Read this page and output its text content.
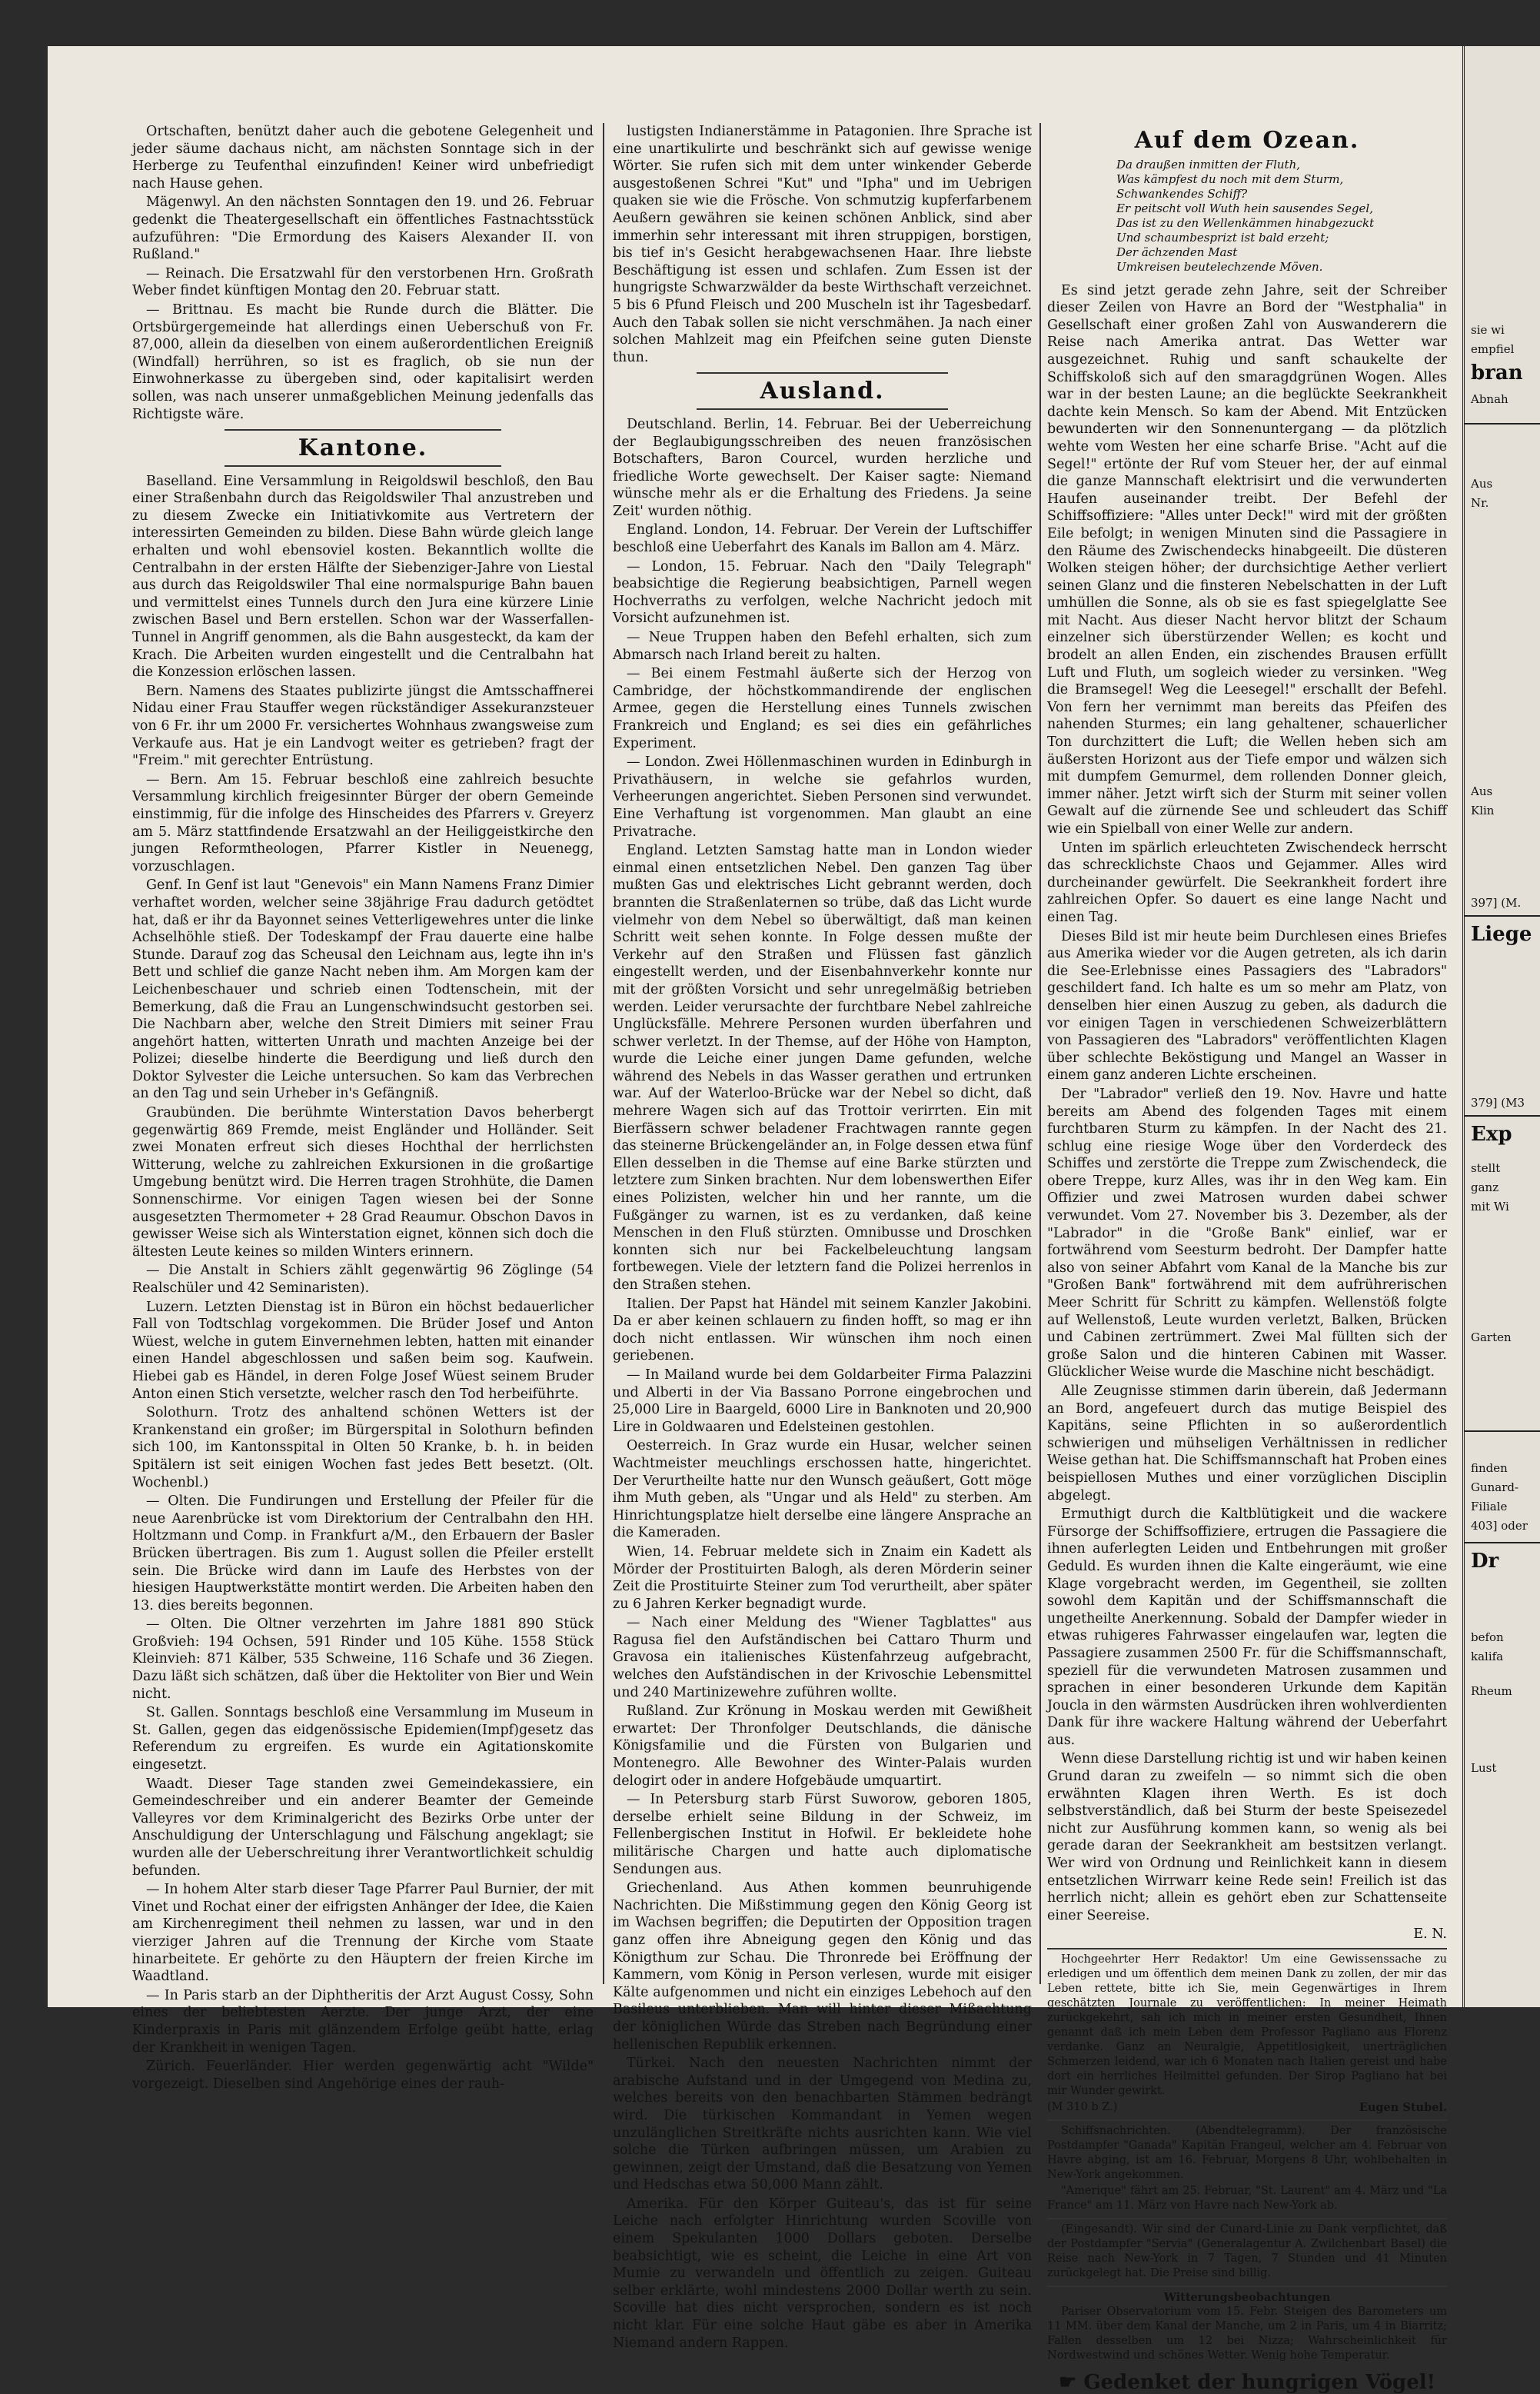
Ortschaften, benützt daher auch die gebotene Gelegenheit und jeder säume dachaus nicht, am nächsten Sonntage sich in der Herberge zu Teufenthal einzufinden! Keiner wird unbefriedigt nach Hause gehen.

Mägenwyl. An den nächsten Sonntagen den 19. und 26. Februar gedenkt die Theatergesellschaft ein öffentliches Fastnachtsstück aufzuführen: "Die Ermordung des Kaisers Alexander II. von Rußland."

— Reinach. Die Ersatzwahl für den verstorbenen Hrn. Großrath Weber findet künftigen Montag den 20. Februar statt.

— Brittnau. Es macht bie Runde durch die Blätter. Die Ortsbürgergemeinde hat allerdings einen Ueberschuß von Fr. 87,000, allein da dieselben von einem außerordentlichen Ereigniß (Windfall) herrühren, so ist es fraglich, ob sie nun der Einwohnerkasse zu übergeben sind, oder kapitalisirt werden sollen, was nach unserer unmaßgeblichen Meinung jedenfalls das Richtigste wäre.

Kantone.

Baselland. Eine Versammlung in Reigoldswil beschloß, den Bau einer Straßenbahn durch das Reigoldswiler Thal anzustreben und zu diesem Zwecke ein Initiativkomite aus Vertretern der interessirten Gemeinden zu bilden. Diese Bahn würde gleich lange erhalten und wohl ebensoviel kosten. Bekanntlich wollte die Centralbahn in der ersten Hälfte der Siebenziger-Jahre von Liestal aus durch das Reigoldswiler Thal eine normalspurige Bahn bauen und vermittelst eines Tunnels durch den Jura eine kürzere Linie zwischen Basel und Bern erstellen. Schon war der Wasserfallen-Tunnel in Angriff genommen, als die Bahn ausgesteckt, da kam der Krach. Die Arbeiten wurden eingestellt und die Centralbahn hat die Konzession erlöschen lassen.

Bern. Namens des Staates publizirte jüngst die Amtsschaffnerei Nidau einer Frau Stauffer wegen rückständiger Assekuranzsteuer von 6 Fr. ihr um 2000 Fr. versichertes Wohnhaus zwangsweise zum Verkaufe aus. Hat je ein Landvogt weiter es getrieben? fragt der "Freim." mit gerechter Entrüstung.

— Bern. Am 15. Februar beschloß eine zahlreich besuchte Versammlung kirchlich freigesinnter Bürger der obern Gemeinde einstimmig, für die infolge des Hinscheides des Pfarrers v. Greyerz am 5. März stattfindende Ersatzwahl an der Heiliggeistkirche den jungen Reformtheologen, Pfarrer Kistler in Neuenegg, vorzuschlagen.

Genf. In Genf ist laut "Genevois" ein Mann Namens Franz Dimier verhaftet worden, welcher seine 38jährige Frau dadurch getödtet hat, daß er ihr da Bayonnet seines Vetterligewehres unter die linke Achselhöhle stieß. Der Todeskampf der Frau dauerte eine halbe Stunde. Darauf zog das Scheusal den Leichnam aus, legte ihn in's Bett und schlief die ganze Nacht neben ihm. Am Morgen kam der Leichenbeschauer und schrieb einen Todtenschein, mit der Bemerkung, daß die Frau an Lungenschwindsucht gestorben sei. Die Nachbarn aber, welche den Streit Dimiers mit seiner Frau angehört hatten, witterten Unrath und machten Anzeige bei der Polizei; dieselbe hinderte die Beerdigung und ließ durch den Doktor Sylvester die Leiche untersuchen. So kam das Verbrechen an den Tag und sein Urheber in's Gefängniß.

Graubünden. Die berühmte Winterstation Davos beherbergt gegenwärtig 869 Fremde, meist Engländer und Holländer. Seit zwei Monaten erfreut sich dieses Hochthal der herrlichsten Witterung, welche zu zahlreichen Exkursionen in die großartige Umgebung benützt wird. Die Herren tragen Strohhüte, die Damen Sonnenschirme. Vor einigen Tagen wiesen bei der Sonne ausgesetzten Thermometer + 28 Grad Reaumur. Obschon Davos in gewisser Weise sich als Winterstation eignet, können sich doch die ältesten Leute keines so milden Winters erinnern.

— Die Anstalt in Schiers zählt gegenwärtig 96 Zöglinge (54 Realschüler und 42 Seminaristen).

Luzern. Letzten Dienstag ist in Büron ein höchst bedauerlicher Fall von Todtschlag vorgekommen. Die Brüder Josef und Anton Wüest, welche in gutem Einvernehmen lebten, hatten mit einander einen Handel abgeschlossen und saßen beim sog. Kaufwein. Hiebei gab es Händel, in deren Folge Josef Wüest seinem Bruder Anton einen Stich versetzte, welcher rasch den Tod herbeiführte.

Solothurn. Trotz des anhaltend schönen Wetters ist der Krankenstand ein großer; im Bürgerspital in Solothurn befinden sich 100, im Kantonsspital in Olten 50 Kranke, b. h. in beiden Spitälern ist seit einigen Wochen fast jedes Bett besetzt. (Olt. Wochenbl.)

— Olten. Die Fundirungen und Erstellung der Pfeiler für die neue Aarenbrücke ist vom Direktorium der Centralbahn den HH. Holtzmann und Comp. in Frankfurt a/M., den Erbauern der Basler Brücken übertragen. Bis zum 1. August sollen die Pfeiler erstellt sein. Die Brücke wird dann im Laufe des Herbstes von der hiesigen Hauptwerkstätte montirt werden. Die Arbeiten haben den 13. dies bereits begonnen.

— Olten. Die Oltner verzehrten im Jahre 1881 890 Stück Großvieh: 194 Ochsen, 591 Rinder und 105 Kühe. 1558 Stück Kleinvieh: 871 Kälber, 535 Schweine, 116 Schafe und 36 Ziegen. Dazu läßt sich schätzen, daß über die Hektoliter von Bier und Wein nicht.

St. Gallen. Sonntags beschloß eine Versammlung im Museum in St. Gallen, gegen das eidgenössische Epidemien(Impf)gesetz das Referendum zu ergreifen. Es wurde ein Agitationskomite eingesetzt.

Waadt. Dieser Tage standen zwei Gemeindekassiere, ein Gemeindeschreiber und ein anderer Beamter der Gemeinde Valleyres vor dem Kriminalgericht des Bezirks Orbe unter der Anschuldigung der Unterschlagung und Fälschung angeklagt; sie wurden alle der Ueberschreitung ihrer Verantwortlichkeit schuldig befunden.

— In hohem Alter starb dieser Tage Pfarrer Paul Burnier, der mit Vinet und Rochat einer der eifrigsten Anhänger der Idee, die Kaien am Kirchenregiment theil nehmen zu lassen, war und in den vierziger Jahren auf die Trennung der Kirche vom Staate hinarbeitete. Er gehörte zu den Häuptern der freien Kirche im Waadtland.

— In Paris starb an der Diphtheritis der Arzt August Cossy, Sohn eines der beliebtesten Aerzte. Der junge Arzt, der eine Kinderpraxis in Paris mit glänzendem Erfolge geübt hatte, erlag der Krankheit in wenigen Tagen.

Zürich. Feuerländer. Hier werden gegenwärtig acht "Wilde" vorgezeigt. Dieselben sind Angehörige eines der rauh-

lustigsten Indianerstämme in Patagonien. Ihre Sprache ist eine unartikulirte und beschränkt sich auf gewisse wenige Wörter. Sie rufen sich mit dem unter winkender Geberde ausgestoßenen Schrei "Kut" und "Ipha" und im Uebrigen quaken sie wie die Frösche. Von schmutzig kupferfarbenem Aeußern gewähren sie keinen schönen Anblick, sind aber immerhin sehr interessant mit ihren struppigen, borstigen, bis tief in's Gesicht herabgewachsenen Haar. Ihre liebste Beschäftigung ist essen und schlafen. Zum Essen ist der hungrigste Schwarzwälder da beste Wirthschaft verzeichnet. 5 bis 6 Pfund Fleisch und 200 Muscheln ist ihr Tagesbedarf. Auch den Tabak sollen sie nicht verschmähen. Ja nach einer solchen Mahlzeit mag ein Pfeifchen seine guten Dienste thun.

Ausland.

Deutschland. Berlin, 14. Februar. Bei der Ueberreichung der Beglaubigungsschreiben des neuen französischen Botschafters, Baron Courcel, wurden herzliche und friedliche Worte gewechselt. Der Kaiser sagte: Niemand wünsche mehr als er die Erhaltung des Friedens. Ja seine Zeit' wurden nöthig.

England. London, 14. Februar. Der Verein der Luftschiffer beschloß eine Ueberfahrt des Kanals im Ballon am 4. März.

— London, 15. Februar. Nach den "Daily Telegraph" beabsichtige die Regierung beabsichtigen, Parnell wegen Hochverraths zu verfolgen, welche Nachricht jedoch mit Vorsicht aufzunehmen ist.

— Neue Truppen haben den Befehl erhalten, sich zum Abmarsch nach Irland bereit zu halten.

— Bei einem Festmahl äußerte sich der Herzog von Cambridge, der höchstkommandirende der englischen Armee, gegen die Herstellung eines Tunnels zwischen Frankreich und England; es sei dies ein gefährliches Experiment.

— London. Zwei Höllenmaschinen wurden in Edinburgh in Privathäusern, in welche sie gefahrlos wurden, Verheerungen angerichtet. Sieben Personen sind verwundet. Eine Verhaftung ist vorgenommen. Man glaubt an eine Privatrache.

England. Letzten Samstag hatte man in London wieder einmal einen entsetzlichen Nebel. Den ganzen Tag über mußten Gas und elektrisches Licht gebrannt werden, doch brannten die Straßenlaternen so trübe, daß das Licht wurde vielmehr von dem Nebel so überwältigt, daß man keinen Schritt weit sehen konnte. In Folge dessen mußte der Verkehr auf den Straßen und Flüssen fast gänzlich eingestellt werden, und der Eisenbahnverkehr konnte nur mit der größten Vorsicht und sehr unregelmäßig betrieben werden. Leider verursachte der furchtbare Nebel zahlreiche Unglücksfälle. Mehrere Personen wurden überfahren und schwer verletzt. In der Themse, auf der Höhe von Hampton, wurde die Leiche einer jungen Dame gefunden, welche während des Nebels in das Wasser gerathen und ertrunken war. Auf der Waterloo-Brücke war der Nebel so dicht, daß mehrere Wagen sich auf das Trottoir verirrten. Ein mit Bierfässern schwer beladener Frachtwagen rannte gegen das steinerne Brückengeländer an, in Folge dessen etwa fünf Ellen desselben in die Themse auf eine Barke stürzten und letztere zum Sinken brachten. Nur dem lobenswerthen Eifer eines Polizisten, welcher hin und her rannte, um die Fußgänger zu warnen, ist es zu verdanken, daß keine Menschen in den Fluß stürzten. Omnibusse und Droschken konnten sich nur bei Fackelbeleuchtung langsam fortbewegen. Viele der letztern fand die Polizei herrenlos in den Straßen stehen.

Italien. Der Papst hat Händel mit seinem Kanzler Jakobini. Da er aber keinen schlauern zu finden hofft, so mag er ihn doch nicht entlassen. Wir wünschen ihm noch einen geriebenen.

— In Mailand wurde bei dem Goldarbeiter Firma Palazzini und Alberti in der Via Bassano Porrone eingebrochen und 25,000 Lire in Baargeld, 6000 Lire in Banknoten und 20,900 Lire in Goldwaaren und Edelsteinen gestohlen.

Oesterreich. In Graz wurde ein Husar, welcher seinen Wachtmeister meuchlings erschossen hatte, hingerichtet. Der Verurtheilte hatte nur den Wunsch geäußert, Gott möge ihm Muth geben, als "Ungar und als Held" zu sterben. Am Hinrichtungsplatze hielt derselbe eine längere Ansprache an die Kameraden.

Wien, 14. Februar meldete sich in Znaim ein Kadett als Mörder der Prostituirten Balogh, als deren Mörderin seiner Zeit die Prostituirte Steiner zum Tod verurtheilt, aber später zu 6 Jahren Kerker begnadigt wurde.

— Nach einer Meldung des "Wiener Tagblattes" aus Ragusa fiel den Aufständischen bei Cattaro Thurm und Gravosa ein italienisches Küstenfahrzeug aufgebracht, welches den Aufständischen in der Krivoschie Lebensmittel und 240 Martinizewehre zuführen wollte.

Rußland. Zur Krönung in Moskau werden mit Gewißheit erwartet: Der Thronfolger Deutschlands, die dänische Königsfamilie und die Fürsten von Bulgarien und Montenegro. Alle Bewohner des Winter-Palais wurden delogirt oder in andere Hofgebäude umquartirt.

— In Petersburg starb Fürst Suworow, geboren 1805, derselbe erhielt seine Bildung in der Schweiz, im Fellenbergischen Institut in Hofwil. Er bekleidete hohe militärische Chargen und hatte auch diplomatische Sendungen aus.

Griechenland. Aus Athen kommen beunruhigende Nachrichten. Die Mißstimmung gegen den König Georg ist im Wachsen begriffen; die Deputirten der Opposition tragen ganz offen ihre Abneigung gegen den König und das Königthum zur Schau. Die Thronrede bei Eröffnung der Kammern, vom König in Person verlesen, wurde mit eisiger Kälte aufgenommen und nicht ein einziges Lebehoch auf den Basileus unterblieben. Man will hinter dieser Mißachtung der königlichen Würde das Streben nach Begründung einer hellenischen Republik erkennen.

Türkei. Nach den neuesten Nachrichten nimmt der arabische Aufstand und in der Umgegend von Medina zu, welches bereits von den benachbarten Stämmen bedrängt wird. Die türkischen Kommandant in Yemen wegen unzulänglichen Streitkräfte nichts ausrichten kann. Wie viel solche die Türken aufbringen müssen, um Arabien zu gewinnen, zeigt der Umstand, daß die Besatzung von Yemen und Hedschas etwa 50,000 Mann zählt.

Amerika. Für den Körper Guiteau's, das ist für seine Leiche nach erfolgter Hinrichtung wurden Scoville von einem Spekulanten 1000 Dollars geboten. Derselbe beabsichtigt, wie es scheint, die Leiche in eine Art von Mumie zu verwandeln und öffentlich zu zeigen. Guiteau selber erklärte, wohl mindestens 2000 Dollar werth zu sein. Scoville hat dies nicht versprochen, sondern es ist noch nicht klar. Für eine solche Haut gäbe es aber in Amerika Niemand andern Rappen.

Auf dem Ozean.
Da draußen inmitten der Fluth,
Was kämpfest du noch mit dem Sturm,
Schwankendes Schiff?
Er peitscht voll Wuth hein sausendes Segel,
Das ist zu den Wellenkämmen hinabgezuckt
Und schaumbesprizt ist bald erzeht;
Der ächzenden Mast
Umkreisen beutelechzende Möven.

Es sind jetzt gerade zehn Jahre, seit der Schreiber dieser Zeilen von Havre an Bord der "Westphalia" in Gesellschaft einer großen Zahl von Auswanderern die Reise nach Amerika antrat. Das Wetter war ausgezeichnet. Ruhig und sanft schaukelte der Schiffskoloß sich auf den smaragdgrünen Wogen. Alles war in der besten Laune; an die beglückte Seekrankheit dachte kein Mensch. So kam der Abend. Mit Entzücken bewunderten wir den Sonnenuntergang — da plötzlich wehte vom Westen her eine scharfe Brise. "Acht auf die Segel!" ertönte der Ruf vom Steuer her, der auf einmal die ganze Mannschaft elektrisirt und die verwunderten Haufen auseinander treibt. Der Befehl der Schiffsoffiziere: "Alles unter Deck!" wird mit der größten Eile befolgt; in wenigen Minuten sind die Passagiere in den Räume des Zwischendecks hinabgeeilt. Die düsteren Wolken steigen höher; der durchsichtige Aether verliert seinen Glanz und die finsteren Nebelschatten in der Luft umhüllen die Sonne, als ob sie es fast spiegelglatte See mit Nacht. Aus dieser Nacht hervor blitzt der Schaum einzelner sich überstürzender Wellen; es kocht und brodelt an allen Enden, ein zischendes Brausen erfüllt Luft und Fluth, um sogleich wieder zu versinken. "Weg die Bramsegel! Weg die Leesegel!" erschallt der Befehl. Von fern her vernimmt man bereits das Pfeifen des nahenden Sturmes; ein lang gehaltener, schauerlicher Ton durchzittert die Luft; die Wellen heben sich am äußersten Horizont aus der Tiefe empor und wälzen sich mit dumpfem Gemurmel, dem rollenden Donner gleich, immer näher. Jetzt wirft sich der Sturm mit seiner vollen Gewalt auf die zürnende See und schleudert das Schiff wie ein Spielball von einer Welle zur andern.

Unten im spärlich erleuchteten Zwischendeck herrscht das schrecklichste Chaos und Gejammer. Alles wird durcheinander gewürfelt. Die Seekrankheit fordert ihre zahlreichen Opfer. So dauert es eine lange Nacht und einen Tag.

Dieses Bild ist mir heute beim Durchlesen eines Briefes aus Amerika wieder vor die Augen getreten, als ich darin die See-Erlebnisse eines Passagiers des "Labradors" geschildert fand. Ich halte es um so mehr am Platz, von denselben hier einen Auszug zu geben, als dadurch die vor einigen Tagen in verschiedenen Schweizerblättern von Passagieren des "Labradors" veröffentlichten Klagen über schlechte Beköstigung und Mangel an Wasser in einem ganz anderen Lichte erscheinen.

Der "Labrador" verließ den 19. Nov. Havre und hatte bereits am Abend des folgenden Tages mit einem furchtbaren Sturm zu kämpfen. In der Nacht des 21. schlug eine riesige Woge über den Vorderdeck des Schiffes und zerstörte die Treppe zum Zwischendeck, die obere Treppe, kurz Alles, was ihr in den Weg kam. Ein Offizier und zwei Matrosen wurden dabei schwer verwundet. Vom 27. November bis 3. Dezember, als der "Labrador" in die "Große Bank" einlief, war er fortwährend vom Seesturm bedroht. Der Dampfer hatte also von seiner Abfahrt vom Kanal de la Manche bis zur "Großen Bank" fortwährend mit dem aufrührerischen Meer Schritt für Schritt zu kämpfen. Wellenstöß folgte auf Wellenstoß, Leute wurden verletzt, Balken, Brücken und Cabinen zertrümmert. Zwei Mal füllten sich der große Salon und die hinteren Cabinen mit Wasser. Glücklicher Weise wurde die Maschine nicht beschädigt.

Alle Zeugnisse stimmen darin überein, daß Jedermann an Bord, angefeuert durch das mutige Beispiel des Kapitäns, seine Pflichten in so außerordentlich schwierigen und mühseligen Verhältnissen in redlicher Weise gethan hat. Die Schiffsmannschaft hat Proben eines beispiellosen Muthes und einer vorzüglichen Disciplin abgelegt.

Ermuthigt durch die Kaltblütigkeit und die wackere Fürsorge der Schiffsoffiziere, ertrugen die Passagiere die ihnen auferlegten Leiden und Entbehrungen mit großer Geduld. Es wurden ihnen die Kalte eingeräumt, wie eine Klage vorgebracht werden, im Gegentheil, sie zollten sowohl dem Kapitän und der Schiffsmannschaft die ungetheilte Anerkennung. Sobald der Dampfer wieder in etwas ruhigeres Fahrwasser eingelaufen war, legten die Passagiere zusammen 2500 Fr. für die Schiffsmannschaft, speziell für die verwundeten Matrosen zusammen und sprachen in einer besonderen Urkunde dem Kapitän Joucla in den wärmsten Ausdrücken ihren wohlverdienten Dank für ihre wackere Haltung während der Ueberfahrt aus.

Wenn diese Darstellung richtig ist und wir haben keinen Grund daran zu zweifeln — so nimmt sich die oben erwähnten Klagen ihren Werth. Es ist doch selbstverständlich, daß bei Sturm der beste Speisezedel nicht zur Ausführung kommen kann, so wenig als bei gerade daran der Seekrankheit am bestsitzen verlangt. Wer wird von Ordnung und Reinlichkeit kann in diesem entsetzlichen Wirrwarr keine Rede sein! Freilich ist das herrlich nicht; allein es gehört eben zur Schattenseite einer Seereise.

E. N.

Hochgeehrter Herr Redaktor! Um eine Gewissenssache zu erledigen und um öffentlich dem meinen Dank zu zollen, der mir das Leben rettete, bitte ich Sie, mein Gegenwärtiges in Ihrem geschätzten Journale zu veröffentlichen: In meiner Heimath zurückgekehrt, sah ich mich in meiner ersten Gesundheit, Ihnen genannt daß ich mein Leben dem Professor Pagliano aus Florenz verdanke. Ganz an Neuralgie, Appetitlosigkeit, unerträglichen Schmerzen leidend, war ich 6 Monaten nach Italien gereist und habe dort ein herrliches Heilmittel gefunden. Der Sirop Pagliano hat bei mir Wunder gewirkt.

(M 310 b Z.)	Eugen Stubel.

Schiffsnachrichten. (Abendtelegramm). Der französische Postdampfer "Ganada" Kapitän Frangeul, welcher am 4. Februar von Havre abging, ist am 16. Februar, Morgens 8 Uhr, wohlbehalten in New-York angekommen.

"Amerique" fährt am 25. Februar, "St. Laurent" am 4. März und "La France" am 11. März von Havre nach New-York ab.

(Eingesandt). Wir sind der Cunard-Linie zu Dank verpflichtet, daß der Postdampfer "Servia" (Generalagentur A. Zwilchenbart Basel) die Reise nach New-York in 7 Tagen, 7 Stunden und 41 Minuten zurückgelegt hat. Die Preise sind billig.

Witterungsbeobachtungen

Pariser Observatorium vom 15. Febr. Steigen des Barometers um 11 MM. über dem Kanal der Manche, um 2 in Paris, um 4 in Biarritz; Fallen desselben um 12 bei Nizza; Wahrscheinlichkeit für Nordwestwind und schönes Wetter. Wenig hohe Temperatur.

☛ Gedenket der hungrigen Vögel!
sie wi
empfiel
bran
Abnah
Aus
Nr.
Aus
Klin
397] (M.
Liege
379] (M3
Exp
stellt
ganz
mit Wi
Garten
finden
Gunard-
Filiale
403] oder
Dr
befon
kalifa
Rheum
Lust
